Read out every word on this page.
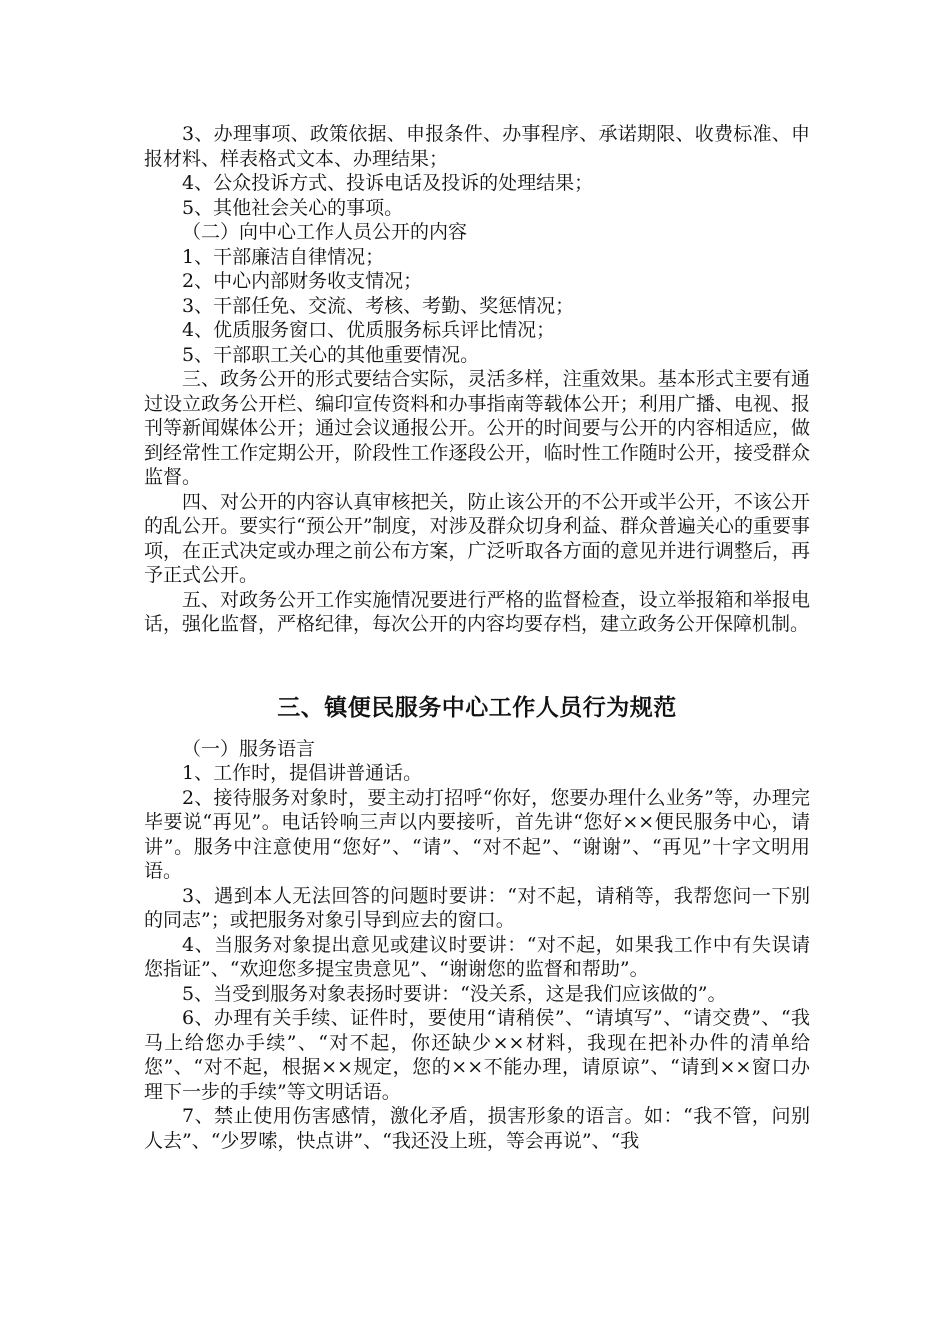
3、办理事项、政策依据、申报条件、办事程序、承诺期限、收费标准、申报材料、样表格式文本、办理结果；

4、公众投诉方式、投诉电话及投诉的处理结果；

5、其他社会关心的事项。

（二）向中心工作人员公开的内容

1、干部廉洁自律情况；

2、中心内部财务收支情况；

3、干部任免、交流、考核、考勤、奖惩情况；

4、优质服务窗口、优质服务标兵评比情况；

5、干部职工关心的其他重要情况。

三、政务公开的形式要结合实际，灵活多样，注重效果。基本形式主要有通过设立政务公开栏、编印宣传资料和办事指南等载体公开；利用广播、电视、报刊等新闻媒体公开；通过会议通报公开。公开的时间要与公开的内容相适应，做到经常性工作定期公开，阶段性工作逐段公开，临时性工作随时公开，接受群众监督。

四、对公开的内容认真审核把关，防止该公开的不公开或半公开，不该公开的乱公开。要实行“预公开”制度，对涉及群众切身利益、群众普遍关心的重要事项，在正式决定或办理之前公布方案，广泛听取各方面的意见并进行调整后，再予正式公开。

五、对政务公开工作实施情况要进行严格的监督检查，设立举报箱和举报电话，强化监督，严格纪律，每次公开的内容均要存档，建立政务公开保障机制。

三、镇便民服务中心工作人员行为规范

（一）服务语言

1、工作时，提倡讲普通话。

2、接待服务对象时，要主动打招呼“你好，您要办理什么业务”等，办理完毕要说“再见”。电话铃响三声以内要接听，首先讲“您好××便民服务中心，请讲”。服务中注意使用“您好”、“请”、“对不起”、“谢谢”、“再见”十字文明用语。

3、遇到本人无法回答的问题时要讲：“对不起，请稍等，我帮您问一下别的同志”；或把服务对象引导到应去的窗口。

4、当服务对象提出意见或建议时要讲：“对不起，如果我工作中有失误请您指证”、“欢迎您多提宝贵意见”、“谢谢您的监督和帮助”。

5、当受到服务对象表扬时要讲：“没关系，这是我们应该做的”。

6、办理有关手续、证件时，要使用“请稍侯”、“请填写”、“请交费”、“我马上给您办手续”、“对不起，你还缺少××材料，我现在把补办件的清单给您”、“对不起，根据××规定，您的××不能办理，请原谅”、“请到××窗口办理下一步的手续”等文明话语。

7、禁止使用伤害感情，激化矛盾，损害形象的语言。如：“我不管，问别人去”、“少罗嗦，快点讲”、“我还没上班，等会再说”、“我
